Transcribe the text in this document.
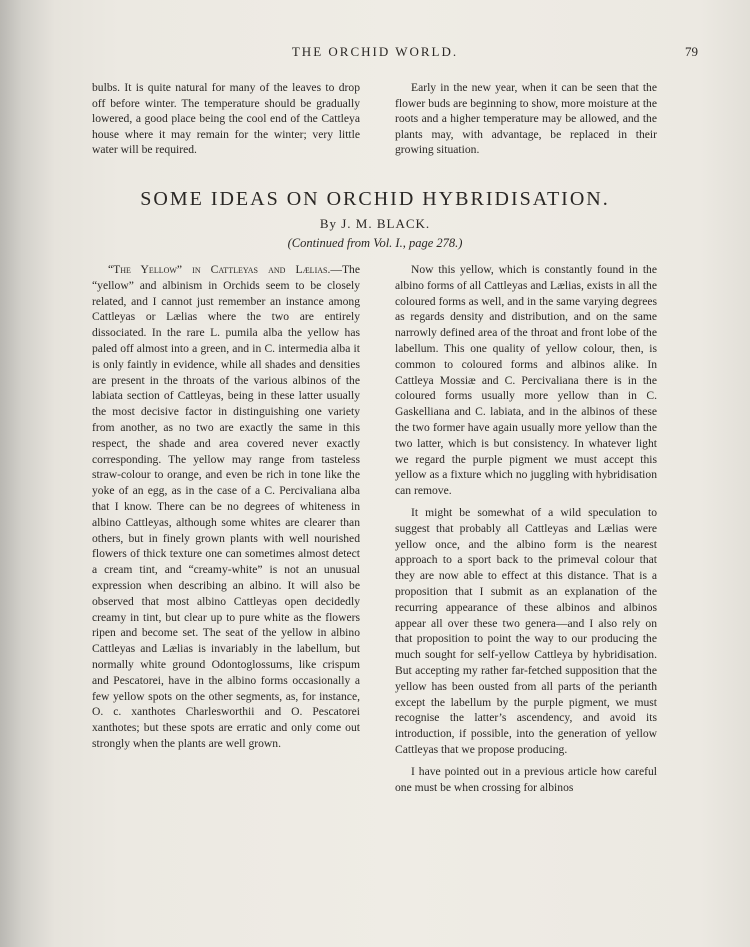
THE ORCHID WORLD.	79

bulbs. It is quite natural for many of the leaves to drop off before winter. The temperature should be gradually lowered, a good place being the cool end of the Cattleya house where it may remain for the winter; very little water will be required.

Early in the new year, when it can be seen that the flower buds are beginning to show, more moisture at the roots and a higher temperature may be allowed, and the plants may, with advantage, be replaced in their growing situation.

SOME IDEAS ON ORCHID HYBRIDISATION.
By J. M. BLACK.
(Continued from Vol. I., page 278.)

“The Yellow” in Cattleyas and Lælias.—The “yellow” and albinism in Orchids seem to be closely related, and I cannot just remember an instance among Cattleyas or Lælias where the two are entirely dissociated. In the rare L. pumila alba the yellow has paled off almost into a green, and in C. intermedia alba it is only faintly in evidence, while all shades and densities are present in the throats of the various albinos of the labiata section of Cattleyas, being in these latter usually the most decisive factor in distinguishing one variety from another, as no two are exactly the same in this respect, the shade and area covered never exactly corresponding. The yellow may range from tasteless straw-colour to orange, and even be rich in tone like the yoke of an egg, as in the case of a C. Percivaliana alba that I know. There can be no degrees of whiteness in albino Cattleyas, although some whites are clearer than others, but in finely grown plants with well nourished flowers of thick texture one can sometimes almost detect a cream tint, and “creamy-white” is not an unusual expression when describing an albino. It will also be observed that most albino Cattleyas open decidedly creamy in tint, but clear up to pure white as the flowers ripen and become set. The seat of the yellow in albino Cattleyas and Lælias is invariably in the labellum, but normally white ground Odontoglossums, like crispum and Pescatorei, have in the albino forms occasionally a few yellow spots on the other segments, as, for instance, O. c. xanthotes Charlesworthii and O. Pescatorei xanthotes; but these spots are erratic and only come out strongly when the plants are well grown.

Now this yellow, which is constantly found in the albino forms of all Cattleyas and Lælias, exists in all the coloured forms as well, and in the same varying degrees as regards density and distribution, and on the same narrowly defined area of the throat and front lobe of the labellum. This one quality of yellow colour, then, is common to coloured forms and albinos alike. In Cattleya Mossiæ and C. Percivaliana there is in the coloured forms usually more yellow than in C. Gaskelliana and C. labiata, and in the albinos of these the two former have again usually more yellow than the two latter, which is but consistency. In whatever light we regard the purple pigment we must accept this yellow as a fixture which no juggling with hybridisation can remove.

It might be somewhat of a wild speculation to suggest that probably all Cattleyas and Lælias were yellow once, and the albino form is the nearest approach to a sport back to the primeval colour that they are now able to effect at this distance. That is a proposition that I submit as an explanation of the recurring appearance of these albinos and albinos appear all over these two genera—and I also rely on that proposition to point the way to our producing the much sought for self-yellow Cattleya by hybridisation. But accepting my rather far-fetched supposition that the yellow has been ousted from all parts of the perianth except the labellum by the purple pigment, we must recognise the latter’s ascendency, and avoid its introduction, if possible, into the generation of yellow Cattleyas that we propose producing.

I have pointed out in a previous article how careful one must be when crossing for albinos
